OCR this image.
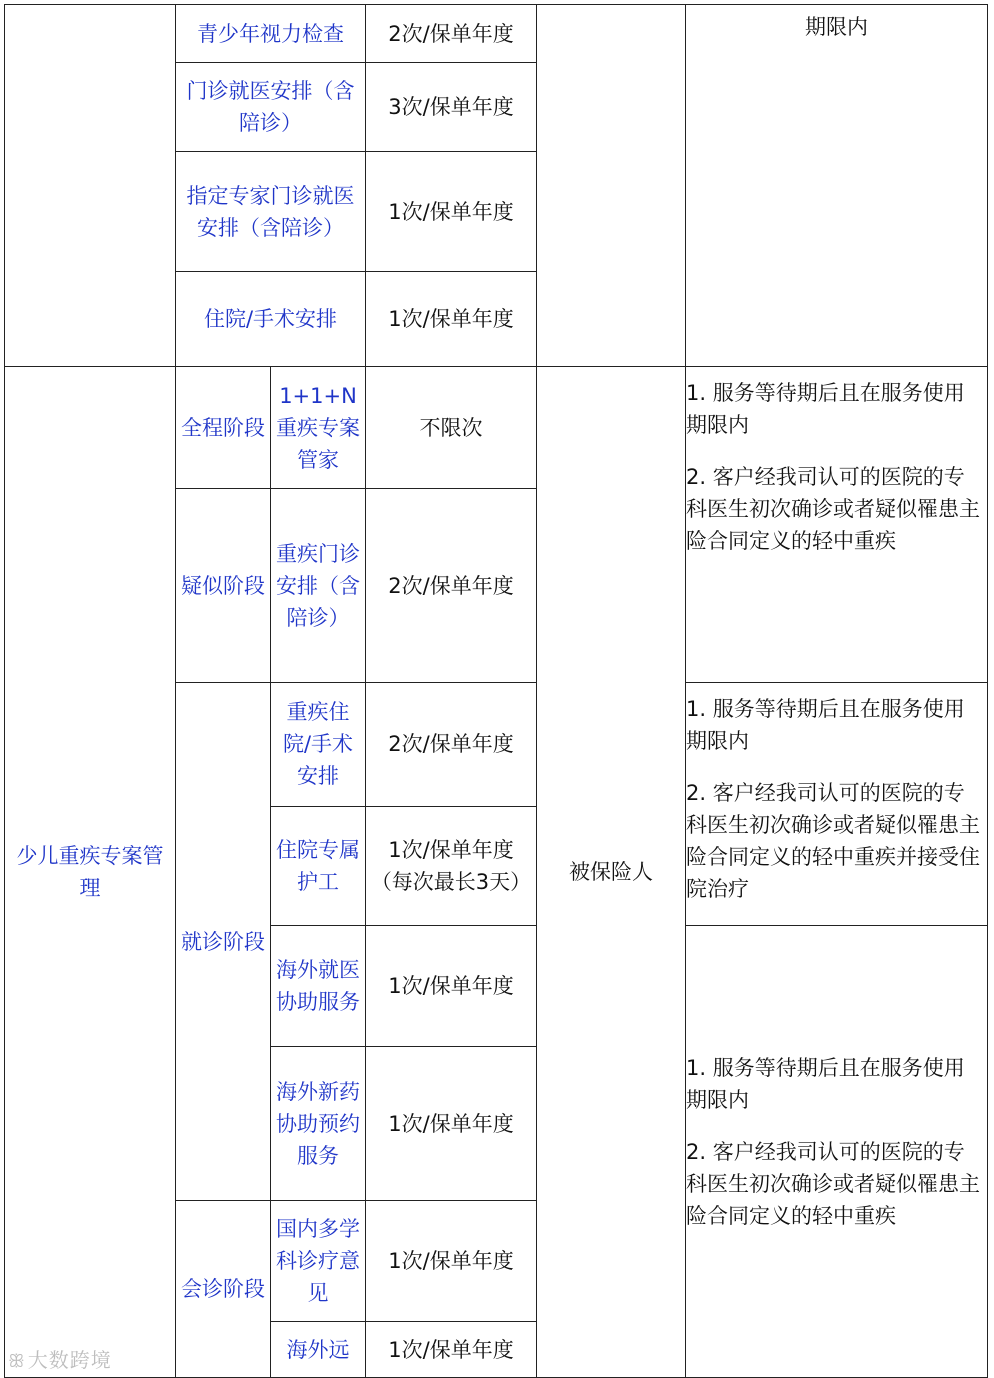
	青少年视力检查		2次/保单年度		期限内
	门诊就医安排（含陪诊）		3次/保单年度		
	指定专家门诊就医安排（含陪诊）		1次/保单年度		
	住院/手术安排		1次/保单年度		
少儿重疾专案管理	全程阶段	1+1+N重疾专案管家	不限次	被保险人	1. 服务等待期后且在服务使用期限内

2. 客户经我司认可的医院的专科医生初次确诊或者疑似罹患主险合同定义的轻中重疾

	疑似阶段	重疾门诊安排（含陪诊）	2次/保单年度		
	就诊阶段	重疾住院/手术安排	2次/保单年度		1. 服务等待期后且在服务使用期限内

2. 客户经我司认可的医院的专科医生初次确诊或者疑似罹患主险合同定义的轻中重疾并接受住院治疗

		住院专属护工	1次/保单年度（每次最长3天）		
		海外就医协助服务	1次/保单年度		1. 服务等待期后且在服务使用期限内

2. 客户经我司认可的医院的专科医生初次确诊或者疑似罹患主险合同定义的轻中重疾

		海外新药协助预约服务	1次/保单年度		
	会诊阶段	国内多学科诊疗意见	1次/保单年度		
		海外远	1次/保单年度		
ꕥ 大数跨境
